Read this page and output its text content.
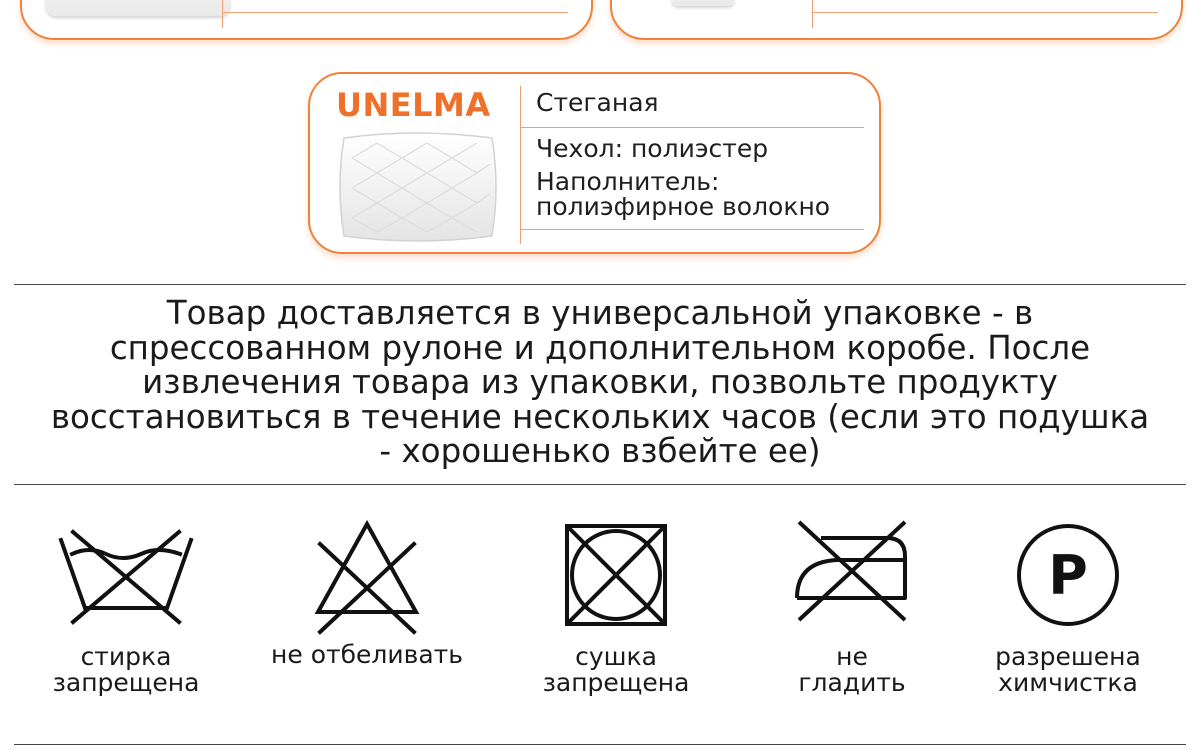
UNELMA Стеганая
Чехол: полиэстер
Наполнитель:
полиэфирное волокно
Товар доставляется в универсальной упаковке - в
спрессованном рулоне и дополнительном коробе. После
извлечения товара из упаковки, позвольте продукту
восстановиться в течение нескольких часов (если это подушка
- хорошенько взбейте ее)
стирка
запрещена
не отбеливать	сушка
запрещена
не
гладить
P
разрешена
химчистка
